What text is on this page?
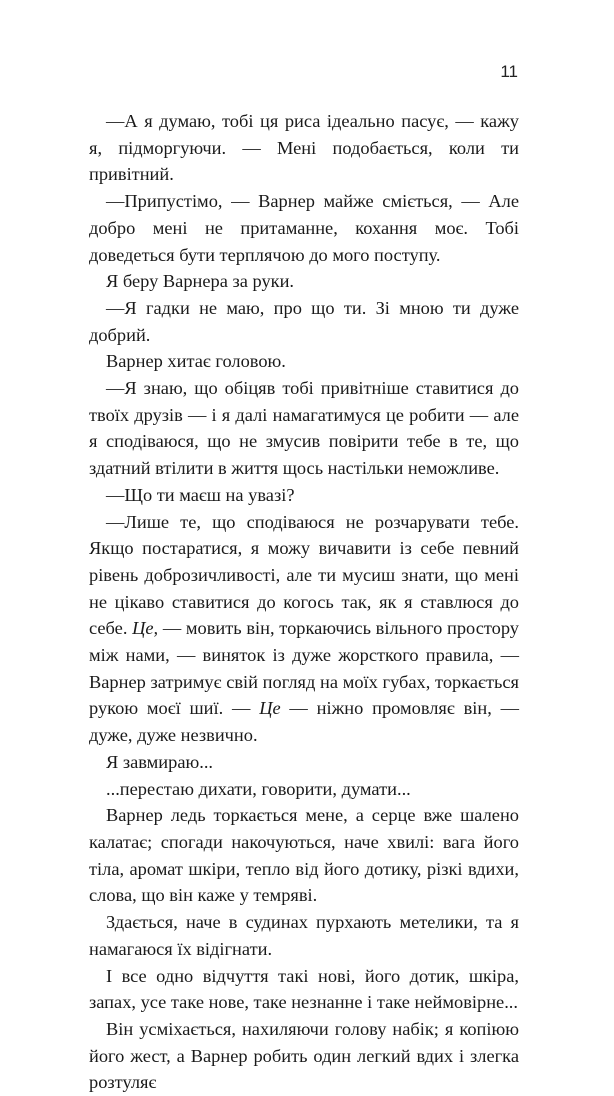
11

—А я думаю, тобі ця риса ідеально пасує, — кажу я, підморгуючи. — Мені подобається, коли ти привітний.

—Припустімо, — Варнер майже сміється, — Але добро мені не притаманне, кохання моє. Тобі доведеться бути терплячою до мого поступу.

Я беру Варнера за руки.

—Я гадки не маю, про що ти. Зі мною ти дуже добрий.

Варнер хитає головою.

—Я знаю, що обіцяв тобі привітніше ставитися до твоїх друзів — і я далі намагатимуся це робити — але я сподіваюся, що не змусив повірити тебе в те, що здатний втілити в життя щось настільки неможливе.

—Що ти маєш на увазі?

—Лише те, що сподіваюся не розчарувати тебе. Якщо постаратися, я можу вичавити із себе певний рівень доброзичливості, але ти мусиш знати, що мені не цікаво ставитися до когось так, як я ставлюся до себе. Це, — мовить він, торкаючись вільного простору між нами, — виняток із дуже жорсткого правила, — Варнер затримує свій погляд на моїх губах, торкається рукою моєї шиї. — Це — ніжно промовляє він, — дуже, дуже незвично.

Я завмираю...

...перестаю дихати, говорити, думати...

Варнер ледь торкається мене, а серце вже шалено калатає; спогади накочуються, наче хвилі: вага його тіла, аромат шкіри, тепло від його дотику, різкі вдихи, слова, що він каже у темряві.

Здається, наче в судинах пурхають метелики, та я намагаюся їх відігнати.

І все одно відчуття такі нові, його дотик, шкіра, запах, усе таке нове, таке незнанне і таке неймовірне...

Він усміхається, нахиляючи голову набік; я копіюю його жест, а Варнер робить один легкий вдих і злегка розтуляє
